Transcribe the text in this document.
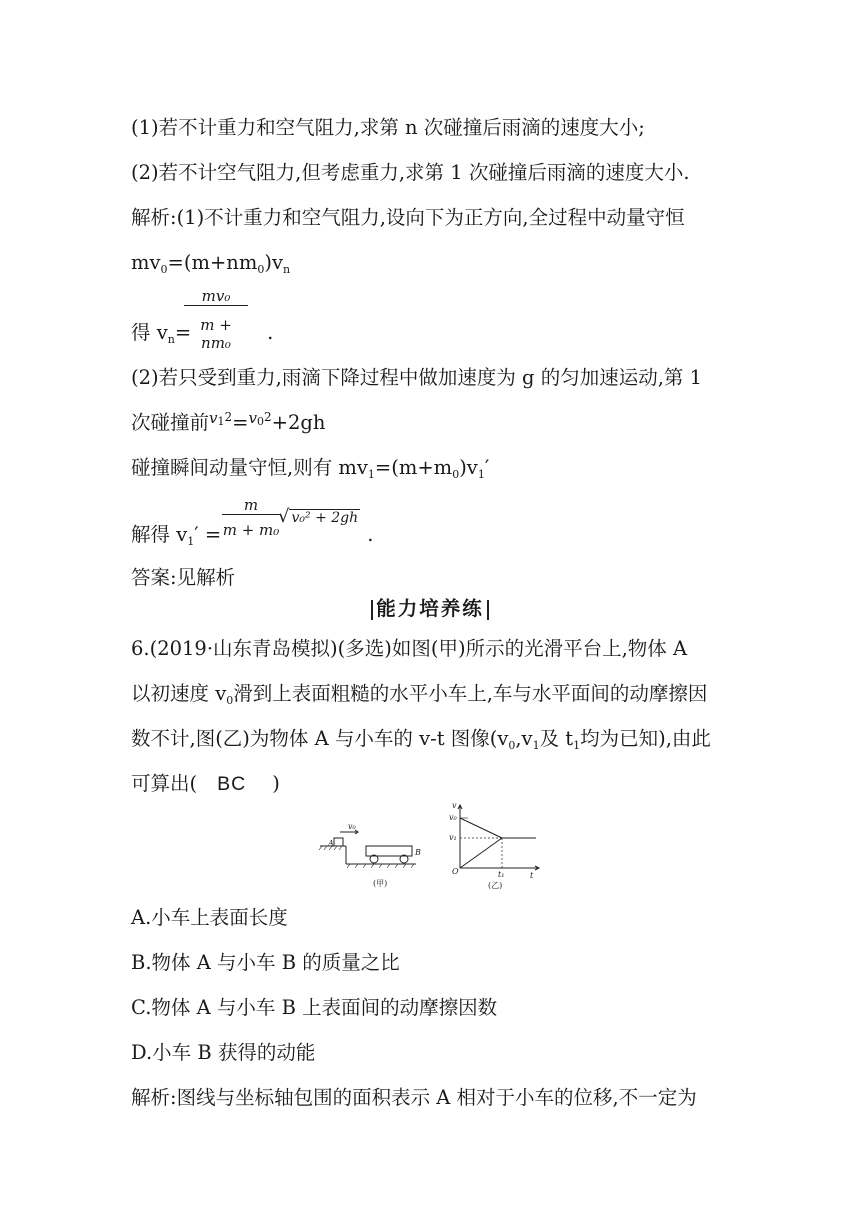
(1)若不计重力和空气阻力,求第 n 次碰撞后雨滴的速度大小;
(2)若不计空气阻力,但考虑重力,求第 1 次碰撞后雨滴的速度大小.
解析:(1)不计重力和空气阻力,设向下为正方向,全过程中动量守恒
$mv_0=(m+nm_0)v_n$
得 $v_n=$	.
mv₀
m + nm₀
(2)若只受到重力,雨滴下降过程中做加速度为 g 的匀加速运动,第 1
次碰撞前$^{v12}$=$^{v02}$+2gh
碰撞瞬间动量守恒,则有 $mv_1=(m+m_0)v_1'$
解得 $v_1'$ =	.
m
m + m₀
√ v₀² + 2gh
答案:见解析
能力培养练
6.(2019·山东青岛模拟)(多选)如图(甲)所示的光滑平台上,物体 A
以初速度 $v_0$滑到上表面粗糙的水平小车上,车与水平面间的动摩擦因
数不计,图(乙)为物体 A 与小车的 v-t 图像($v_0,v_1$及 $t_1$均为已知),由此
可算出( BC )
v₀
A
B
(甲)
v
t
v₀
v₁
O	t₁
(乙)
A.小车上表面长度
B.物体 A 与小车 B 的质量之比
C.物体 A 与小车 B 上表面间的动摩擦因数
D.小车 B 获得的动能
解析:图线与坐标轴包围的面积表示 A 相对于小车的位移,不一定为
